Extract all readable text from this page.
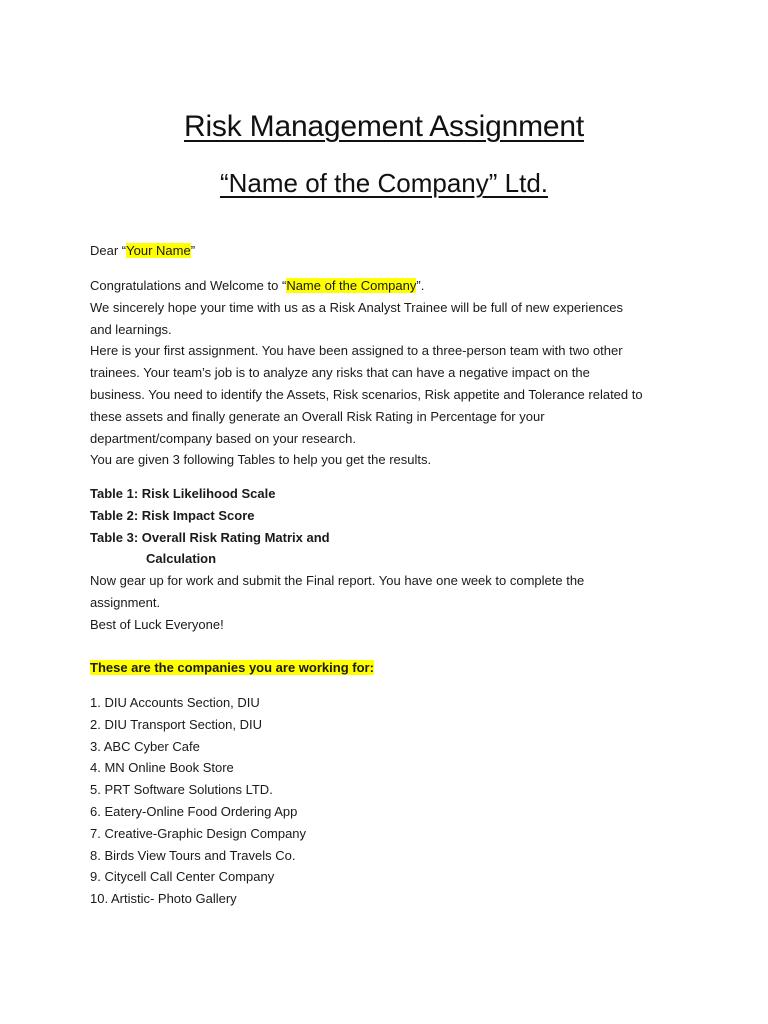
Risk Management Assignment
“Name of the Company” Ltd.

Dear “Your Name”

Congratulations and Welcome to “Name of the Company”.
We sincerely hope your time with us as a Risk Analyst Trainee will be full of new experiences
and learnings.
Here is your first assignment. You have been assigned to a three-person team with two other
trainees. Your team’s job is to analyze any risks that can have a negative impact on the
business. You need to identify the Assets, Risk scenarios, Risk appetite and Tolerance related to
these assets and finally generate an Overall Risk Rating in Percentage for your
department/company based on your research.
You are given 3 following Tables to help you get the results.
Table 1: Risk Likelihood Scale
Table 2: Risk Impact Score
Table 3: Overall Risk Rating Matrix and
Calculation
Now gear up for work and submit the Final report. You have one week to complete the
assignment.
Best of Luck Everyone!

These are the companies you are working for:

1. DIU Accounts Section, DIU
2. DIU Transport Section, DIU
3. ABC Cyber Cafe
4. MN Online Book Store
5. PRT Software Solutions LTD.
6. Eatery-Online Food Ordering App
7. Creative-Graphic Design Company
8. Birds View Tours and Travels Co.
9. Citycell Call Center Company
10. Artistic- Photo Gallery
